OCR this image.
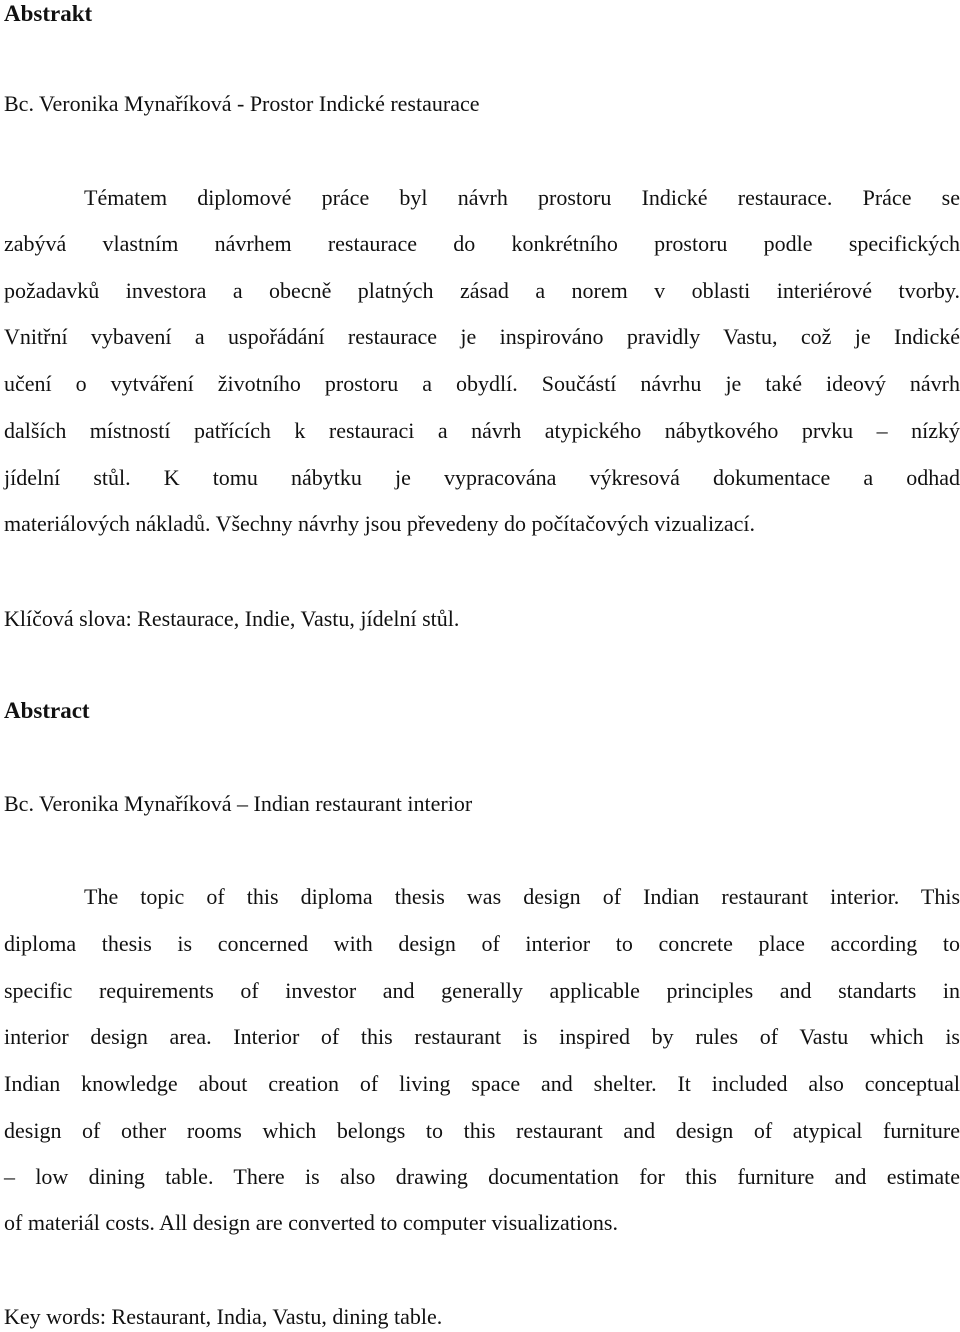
Abstrakt
Bc. Veronika Mynaříková - Prostor Indické restaurace
Tématem diplomové práce byl návrh prostoru Indické restaurace. Práce se
zabývá vlastním návrhem restaurace do konkrétního prostoru podle specifických
požadavků investora a obecně platných zásad a norem v oblasti interiérové tvorby.
Vnitřní vybavení a uspořádání restaurace je inspirováno pravidly Vastu, což je Indické
učení o vytváření životního prostoru a obydlí. Součástí návrhu je také ideový návrh
dalších místností patřících k restauraci a návrh atypického nábytkového prvku – nízký
jídelní stůl. K tomu nábytku je vypracována výkresová dokumentace a odhad
materiálových nákladů. Všechny návrhy jsou převedeny do počítačových vizualizací.
Klíčová slova: Restaurace, Indie, Vastu, jídelní stůl.
Abstract
Bc. Veronika Mynaříková – Indian restaurant interior
The topic of this diploma thesis was design of Indian restaurant interior. This
diploma thesis is concerned with design of interior to concrete place according to
specific requirements of investor and generally applicable principles and standarts in
interior design area. Interior of this restaurant is inspired by rules of Vastu which is
Indian knowledge about creation of living space and shelter. It included also conceptual
design of other rooms which belongs to this restaurant and design of atypical furniture
– low dining table. There is also drawing documentation for this furniture and estimate
of materiál costs. All design are converted to computer visualizations.
Key words: Restaurant, India, Vastu, dining table.
